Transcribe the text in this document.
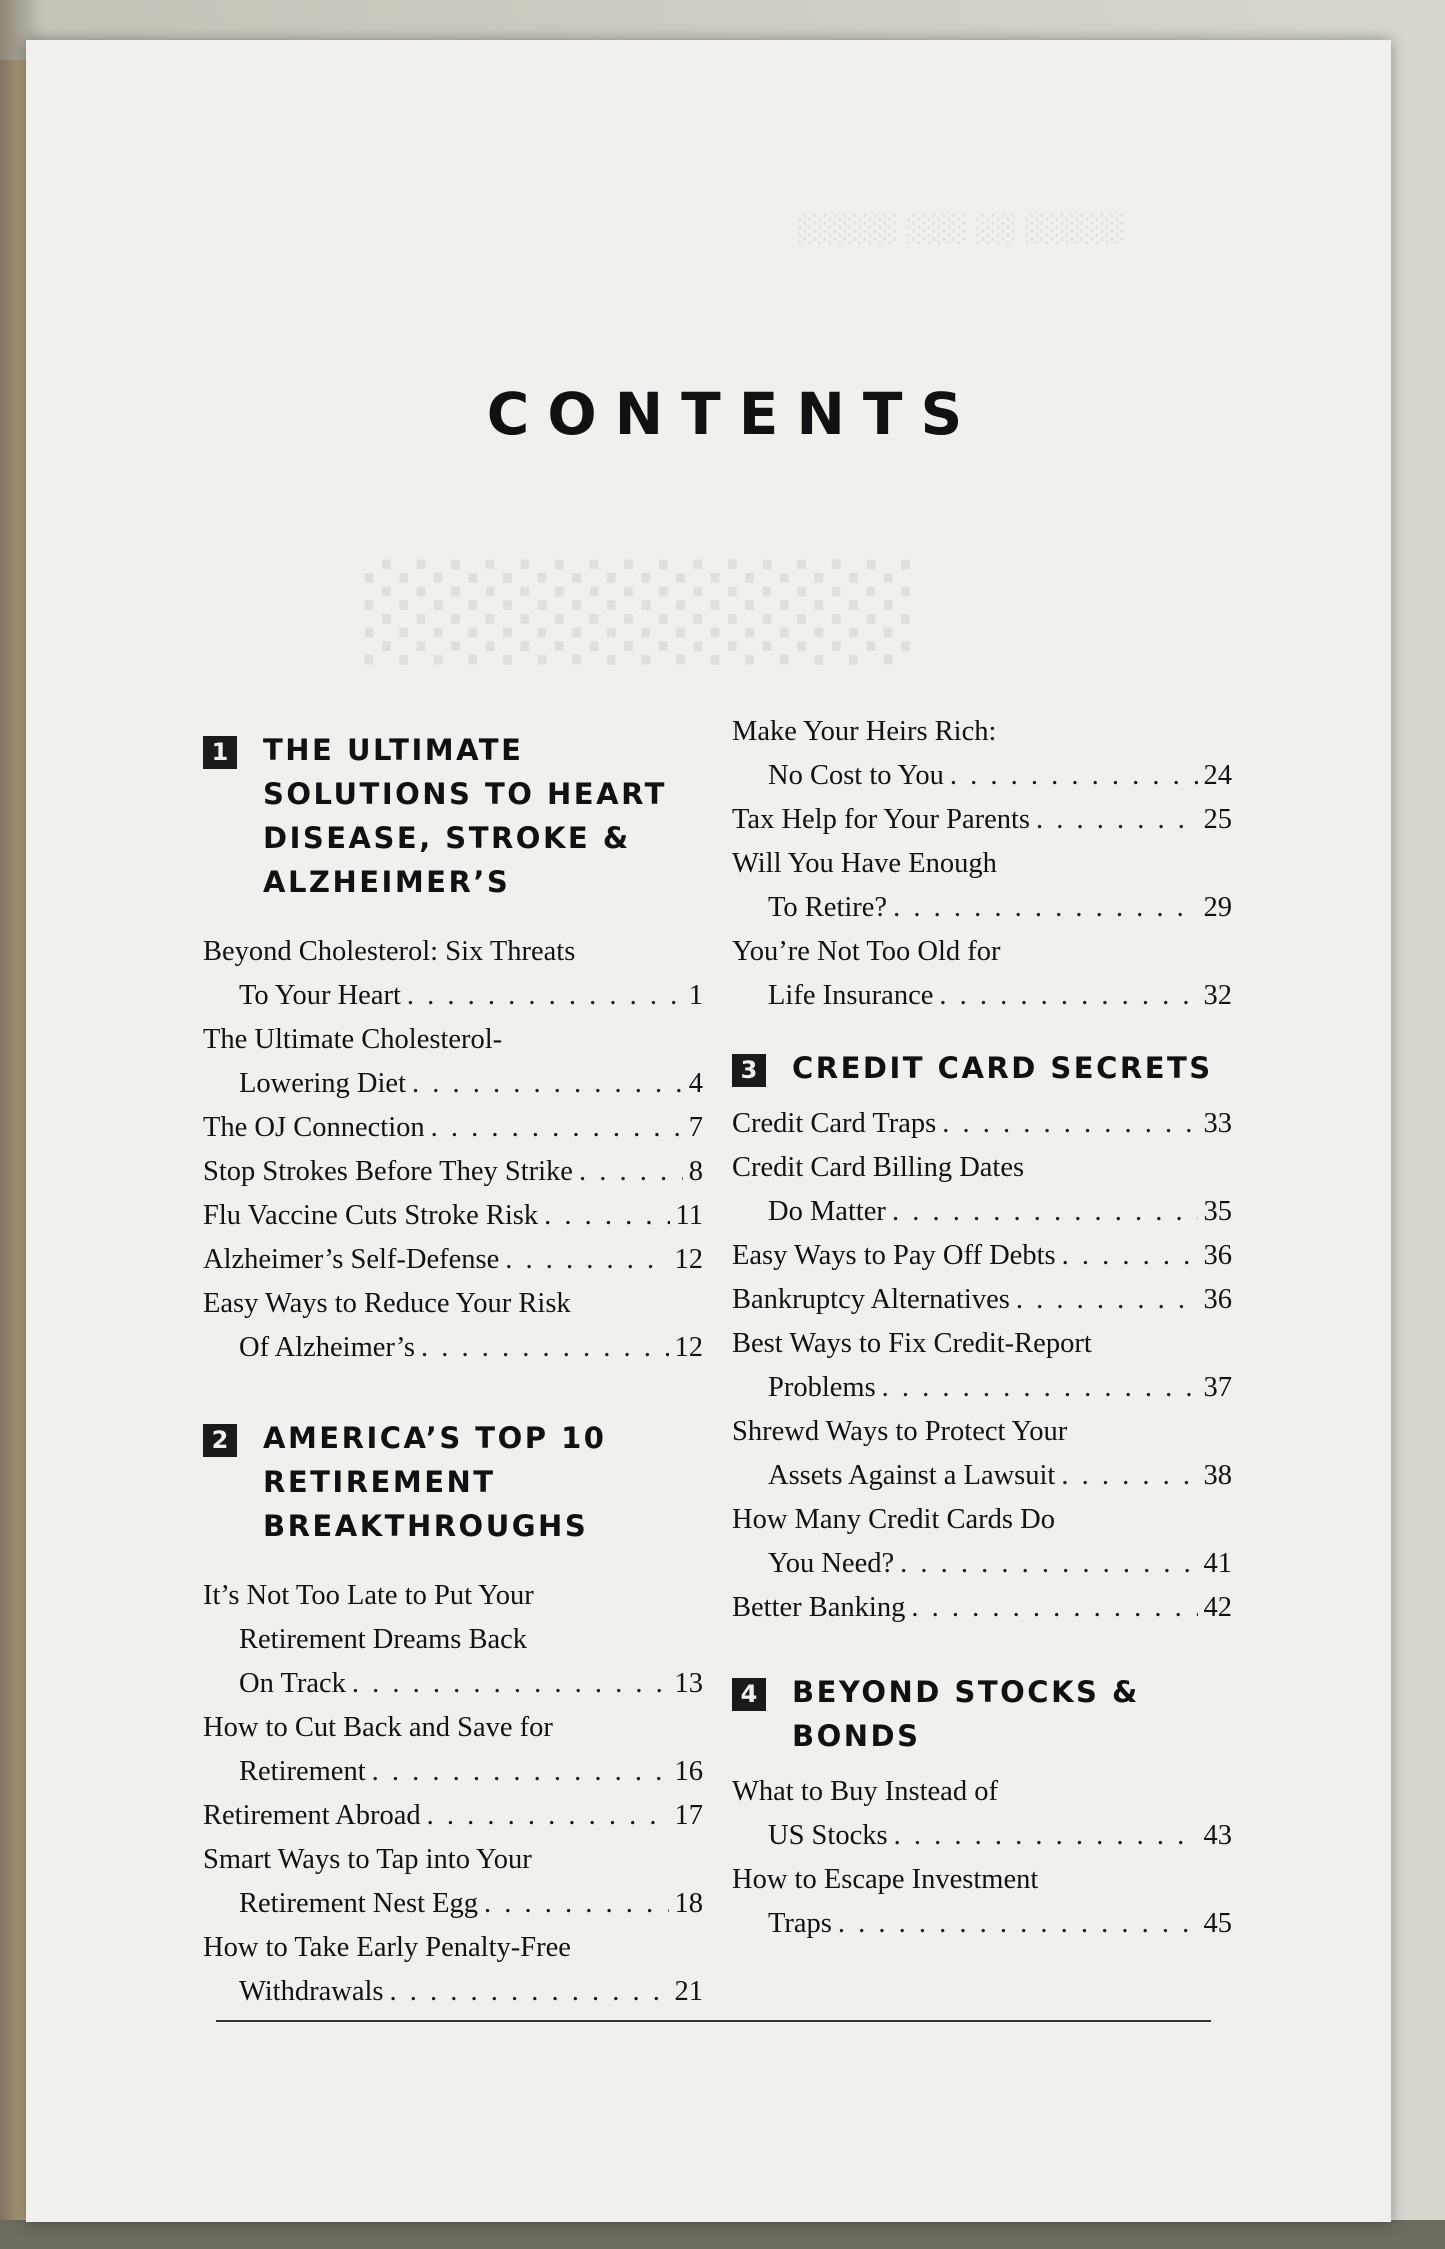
░░░░░ ░░ ░░░ ░░░░░
░░░░░░░░
CONTENTS
1 THE ULTIMATE
SOLUTIONS TO HEART
DISEASE, STROKE &
ALZHEIMER’S
Beyond Cholesterol: Six Threats
To Your Heart . . .	1
The Ultimate Cholesterol-
Lowering Diet . . .	4
The OJ Connection . . .	7
Stop Strokes Before They Strike . . .	8
Flu Vaccine Cuts Stroke Risk . . .	11
Alzheimer’s Self-Defense . . .	12
Easy Ways to Reduce Your Risk
Of Alzheimer’s . . .	12
2 AMERICA’S TOP 10
RETIREMENT
BREAKTHROUGHS
It’s Not Too Late to Put Your
Retirement Dreams Back
On Track . . .	13
How to Cut Back and Save for
Retirement . . .	16
Retirement Abroad . . .	17
Smart Ways to Tap into Your
Retirement Nest Egg . . .	18
How to Take Early Penalty-Free
Withdrawals . . .	21
Make Your Heirs Rich:
No Cost to You . . .	24
Tax Help for Your Parents . . .	25
Will You Have Enough
To Retire? . . .	29
You’re Not Too Old for
Life Insurance . . .	32
3 CREDIT CARD SECRETS
Credit Card Traps . . .	33
Credit Card Billing Dates
Do Matter . . .	35
Easy Ways to Pay Off Debts . . .	36
Bankruptcy Alternatives . . .	36
Best Ways to Fix Credit-Report
Problems . . .	37
Shrewd Ways to Protect Your
Assets Against a Lawsuit . . .	38
How Many Credit Cards Do
You Need? . . .	41
Better Banking . . .	42
4 BEYOND STOCKS &
BONDS
What to Buy Instead of
US Stocks . . .	43
How to Escape Investment
Traps . . .	45
